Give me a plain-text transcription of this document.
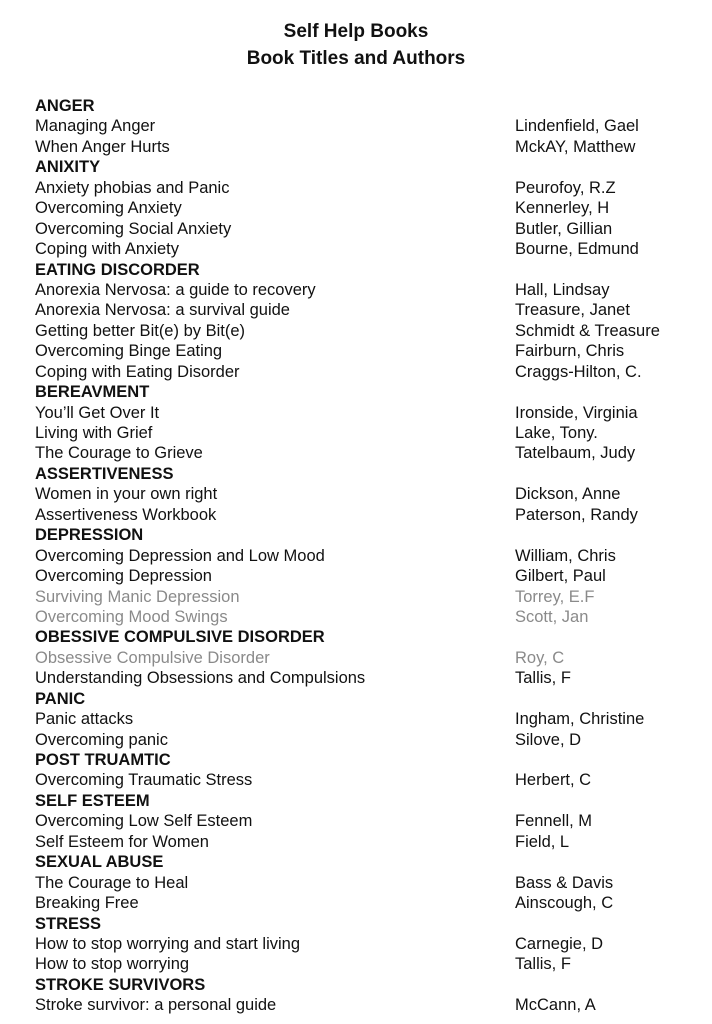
Self Help Books
Book Titles and Authors
ANGER
Managing Anger	Lindenfield, Gael
When Anger Hurts	MckAY, Matthew
ANIXITY
Anxiety phobias and Panic	Peurofoy, R.Z
Overcoming Anxiety	Kennerley, H
Overcoming Social Anxiety	Butler, Gillian
Coping with Anxiety	Bourne, Edmund
EATING DISCORDER
Anorexia Nervosa: a guide to recovery	Hall, Lindsay
Anorexia Nervosa: a survival guide	Treasure, Janet
Getting better Bit(e) by Bit(e)	Schmidt & Treasure
Overcoming Binge Eating	Fairburn, Chris
Coping with Eating Disorder	Craggs-Hilton, C.
BEREAVMENT
You’ll Get Over It	Ironside, Virginia
Living with Grief	Lake, Tony.
The Courage to Grieve	Tatelbaum, Judy
ASSERTIVENESS
Women in your own right	Dickson, Anne
Assertiveness Workbook	Paterson, Randy
DEPRESSION
Overcoming Depression and Low Mood	William, Chris
Overcoming Depression	Gilbert, Paul
Surviving Manic Depression	Torrey, E.F
Overcoming Mood Swings	Scott, Jan
OBESSIVE COMPULSIVE DISORDER
Obsessive Compulsive Disorder	Roy, C
Understanding Obsessions and Compulsions	Tallis, F
PANIC
Panic attacks	Ingham, Christine
Overcoming panic	Silove, D
POST TRUAMTIC
Overcoming Traumatic Stress	Herbert, C
SELF ESTEEM
Overcoming Low Self Esteem	Fennell, M
Self Esteem for Women	Field, L
SEXUAL ABUSE
The Courage to Heal	Bass & Davis
Breaking Free	Ainscough, C
STRESS
How to stop worrying and start living	Carnegie, D
How to stop worrying	Tallis, F
STROKE SURVIVORS
Stroke survivor: a personal guide	McCann, A
